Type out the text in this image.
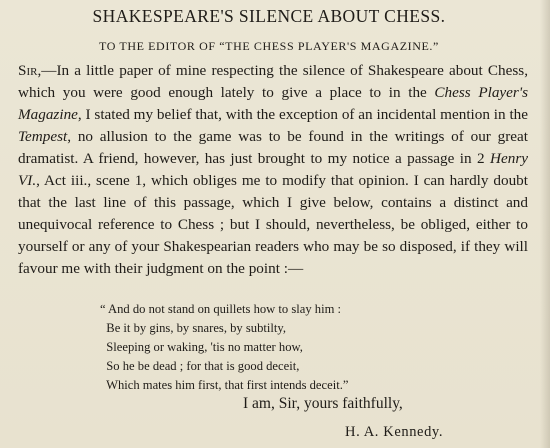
SHAKESPEARE'S SILENCE ABOUT CHESS.
TO THE EDITOR OF “THE CHESS PLAYER'S MAGAZINE.”
Sir,—In a little paper of mine respecting the silence of Shakespeare about Chess, which you were good enough lately to give a place to in the Chess Player's Magazine, I stated my belief that, with the exception of an incidental mention in the Tempest, no allusion to the game was to be found in the writings of our great dramatist. A friend, however, has just brought to my notice a passage in 2 Henry VI., Act iii., scene 1, which obliges me to modify that opinion. I can hardly doubt that the last line of this passage, which I give below, contains a distinct and unequivocal reference to Chess ; but I should, nevertheless, be obliged, either to yourself or any of your Shakespearian readers who may be so disposed, if they will favour me with their judgment on the point :—
“ And do not stand on quillets how to slay him :
Be it by gins, by snares, by subtilty,
Sleeping or waking, 'tis no matter how,
So he be dead ; for that is good deceit,
Which mates him first, that first intends deceit.”
I am, Sir, yours faithfully,
H. A. Kennedy.
